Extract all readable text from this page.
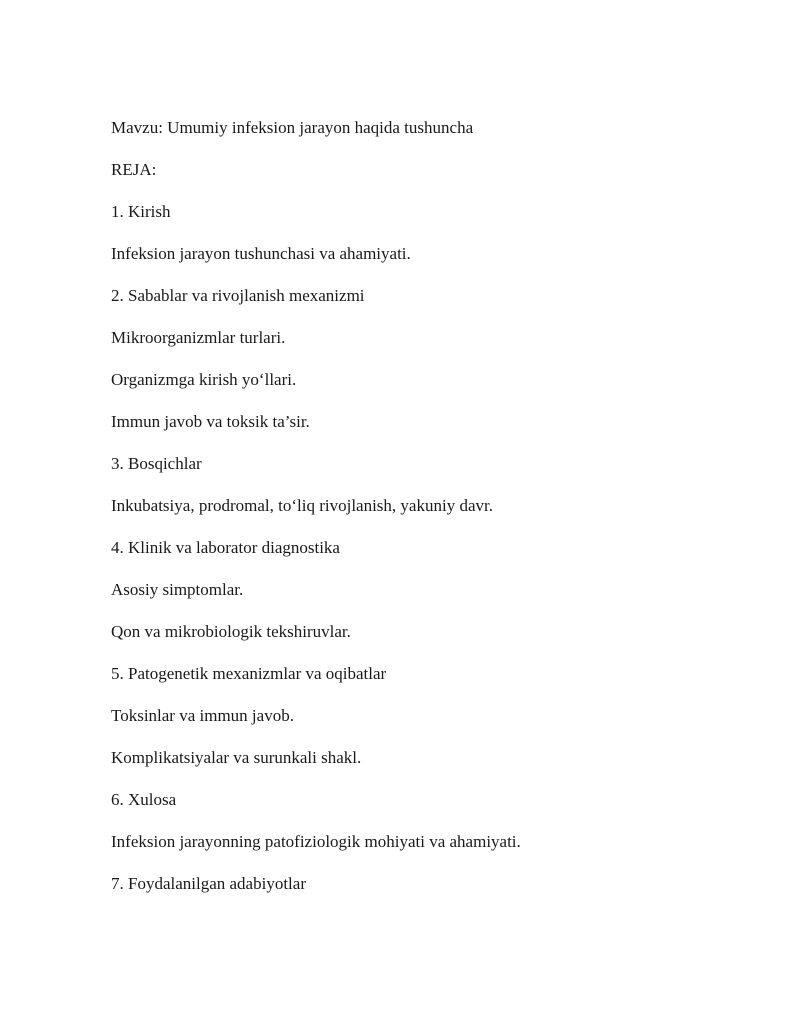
Mavzu: Umumiy infeksion jarayon haqida tushuncha
REJA:
1. Kirish
Infeksion jarayon tushunchasi va ahamiyati.
2. Sabablar va rivojlanish mexanizmi
Mikroorganizmlar turlari.
Organizmga kirish yo‘llari.
Immun javob va toksik ta’sir.
3. Bosqichlar
Inkubatsiya, prodromal, to‘liq rivojlanish, yakuniy davr.
4. Klinik va laborator diagnostika
Asosiy simptomlar.
Qon va mikrobiologik tekshiruvlar.
5. Patogenetik mexanizmlar va oqibatlar
Toksinlar va immun javob.
Komplikatsiyalar va surunkali shakl.
6. Xulosa
Infeksion jarayonning patofiziologik mohiyati va ahamiyati.
7. Foydalanilgan adabiyotlar
